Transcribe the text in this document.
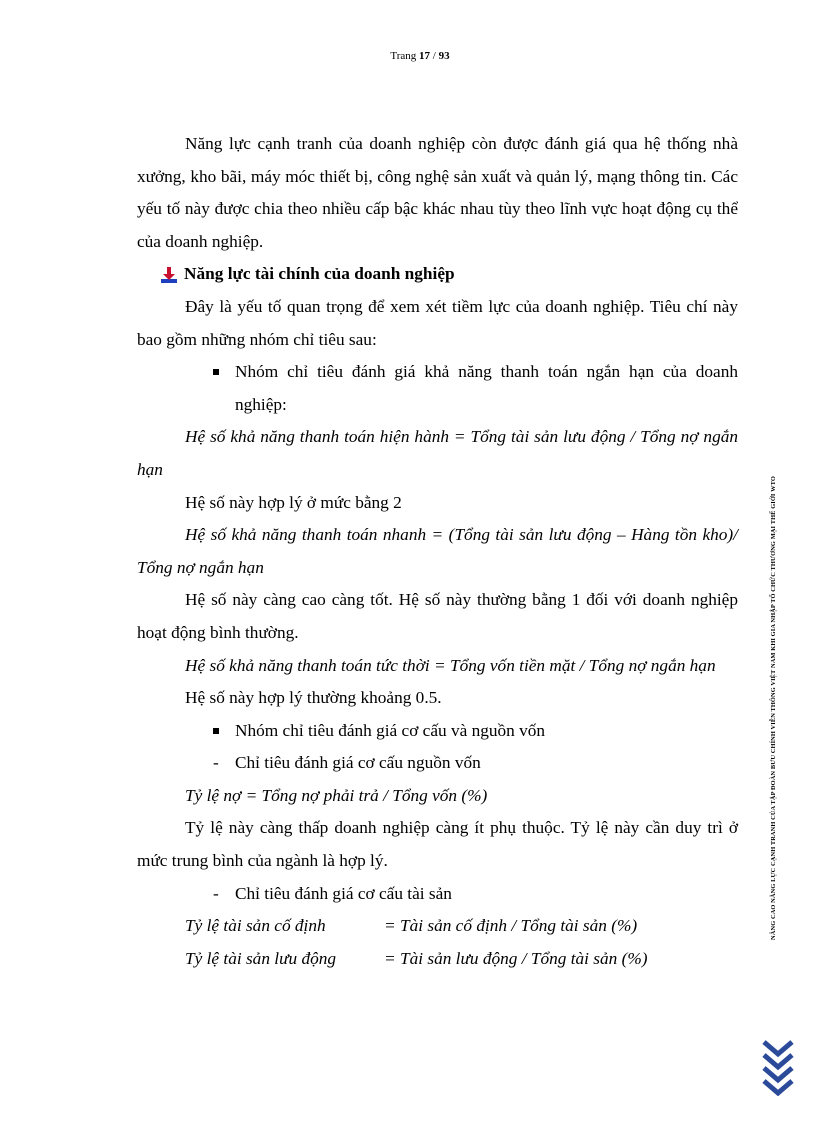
Trang 17 / 93

Năng lực cạnh tranh của doanh nghiệp còn được đánh giá qua hệ thống nhà xưởng, kho bãi, máy móc thiết bị, công nghệ sản xuất và quản lý, mạng thông tin. Các yếu tố này được chia theo nhiều cấp bậc khác nhau tùy theo lĩnh vực hoạt động cụ thể của doanh nghiệp.

Năng lực tài chính của doanh nghiệp

Đây là yếu tố quan trọng để xem xét tiềm lực của doanh nghiệp. Tiêu chí này bao gồm những nhóm chỉ tiêu sau:

Nhóm chỉ tiêu đánh giá khả năng thanh toán ngắn hạn của doanh nghiệp:

Hệ số khả năng thanh toán hiện hành = Tổng tài sản lưu động / Tổng nợ ngắn hạn

Hệ số này hợp lý ở mức bằng 2

Hệ số khả năng thanh toán nhanh = (Tổng tài sản lưu động – Hàng tồn kho)/ Tổng nợ ngắn hạn

Hệ số này càng cao càng tốt. Hệ số này thường bằng 1 đối với doanh nghiệp hoạt động bình thường.

Hệ số khả năng thanh toán tức thời = Tổng vốn tiền mặt / Tổng nợ ngắn hạn

Hệ số này hợp lý thường khoảng 0.5.

Nhóm chỉ tiêu đánh giá cơ cấu và nguồn vốn

- Chỉ tiêu đánh giá cơ cấu nguồn vốn

Tỷ lệ nợ = Tổng nợ phải trả / Tổng vốn (%)

Tỷ lệ này càng thấp doanh nghiệp càng ít phụ thuộc. Tỷ lệ này cần duy trì ở mức trung bình của ngành là hợp lý.

- Chỉ tiêu đánh giá cơ cấu tài sản

Tỷ lệ tài sản cố định	= Tài sản cố định / Tổng tài sản (%)

Tỷ lệ tài sản lưu động	= Tài sản lưu động / Tổng tài sản (%)

NÂNG CAO NĂNG LỰC CẠNH TRANH CỦA TẬP ĐOÀN BƯU CHÍNH VIỄN THÔNG VIỆT NAM KHI GIA NHẬP TỔ CHỨC THƯƠNG MẠI THẾ GIỚI WTO
